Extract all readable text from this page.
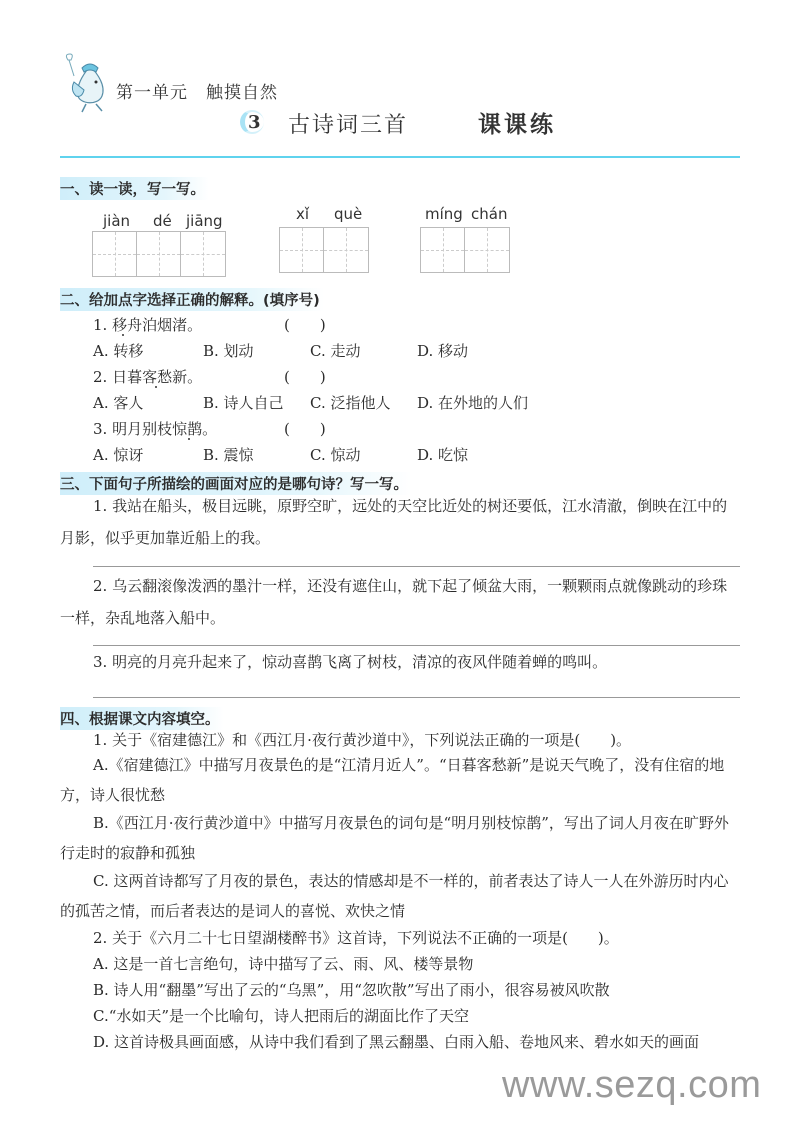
第一单元　触摸自然
3 古诗词三首	课课练
一、读一读，写一写。
jiàn dé jiāng	xǐ què	míng chán
二、给加点字选择正确的解释。(填序号)
1. 移舟泊烟渚。	(　　)
A. 转移	B. 划动	C. 走动	D. 移动
2. 日暮客愁新。	(　　)
A. 客人	B. 诗人自己 C. 泛指他人 D. 在外地的人们
3. 明月别枝惊鹊。	(　　)
A. 惊讶	B. 震惊	C. 惊动	D. 吃惊
三、下面句子所描绘的画面对应的是哪句诗？写一写。
1. 我站在船头，极目远眺，原野空旷，远处的天空比近处的树还要低，江水清澈，倒映在江中的月影，似乎更加靠近船上的我。
2. 乌云翻滚像泼洒的墨汁一样，还没有遮住山，就下起了倾盆大雨，一颗颗雨点就像跳动的珍珠一样，杂乱地落入船中。
3. 明亮的月亮升起来了，惊动喜鹊飞离了树枝，清凉的夜风伴随着蝉的鸣叫。
四、根据课文内容填空。
1. 关于《宿建德江》和《西江月·夜行黄沙道中》，下列说法正确的一项是(　　)。
A.《宿建德江》中描写月夜景色的是“江清月近人”。“日暮客愁新”是说天气晚了，没有住宿的地方，诗人很忧愁
B.《西江月·夜行黄沙道中》中描写月夜景色的词句是“明月别枝惊鹊”，写出了词人月夜在旷野外行走时的寂静和孤独
C. 这两首诗都写了月夜的景色，表达的情感却是不一样的，前者表达了诗人一人在外游历时内心的孤苦之情，而后者表达的是词人的喜悦、欢快之情
2. 关于《六月二十七日望湖楼醉书》这首诗，下列说法不正确的一项是(　　)。
A. 这是一首七言绝句，诗中描写了云、雨、风、楼等景物
B. 诗人用“翻墨”写出了云的“乌黑”，用“忽吹散”写出了雨小，很容易被风吹散
C.“水如天”是一个比喻句，诗人把雨后的湖面比作了天空
D. 这首诗极具画面感，从诗中我们看到了黑云翻墨、白雨入船、卷地风来、碧水如天的画面
www.sezq.com
